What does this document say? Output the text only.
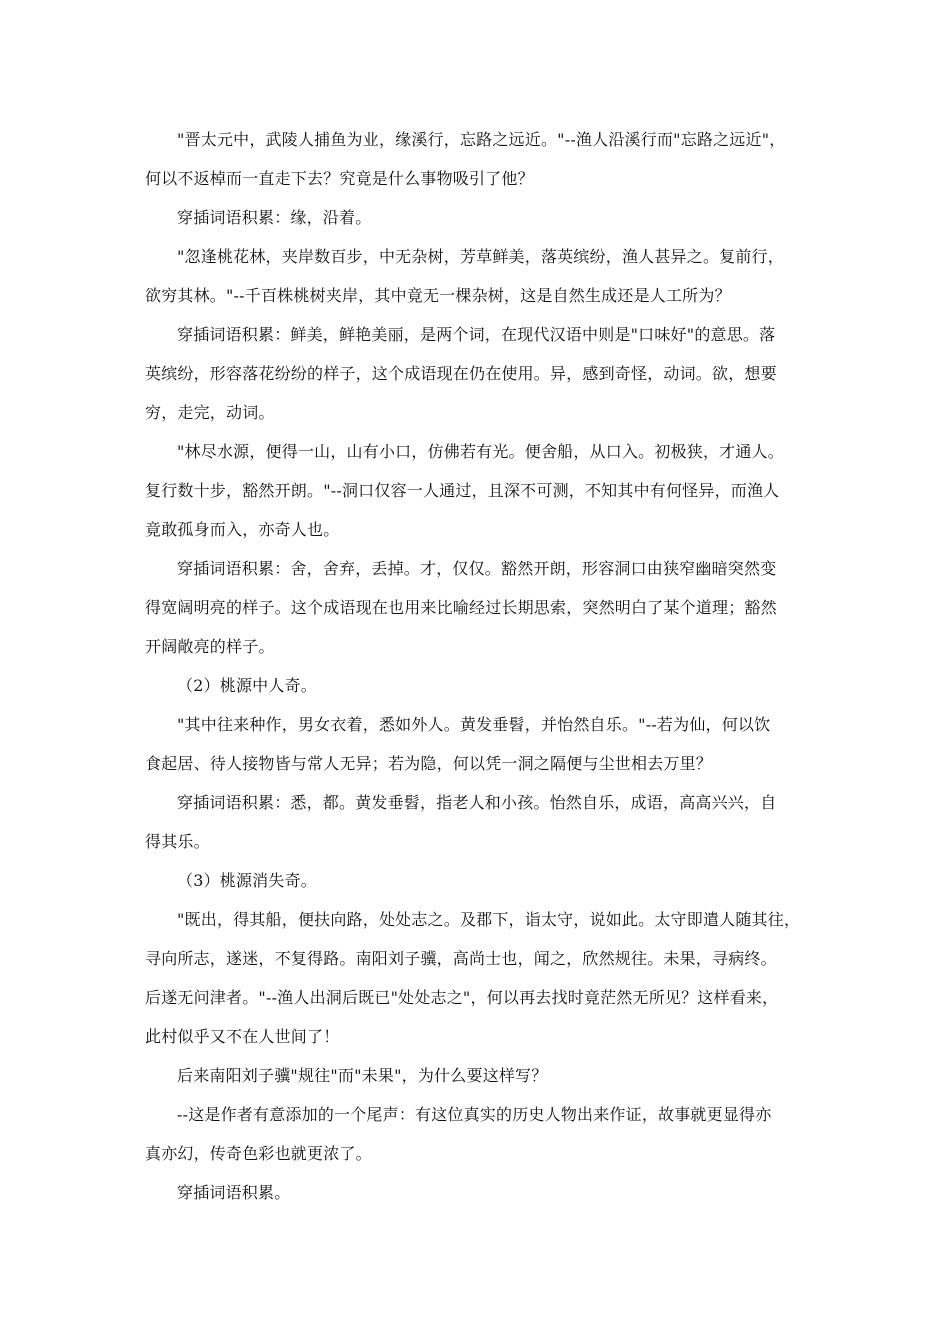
"晋太元中，武陵人捕鱼为业，缘溪行，忘路之远近。"--渔人沿溪行而"忘路之远近"，
何以不返棹而一直走下去？究竟是什么事物吸引了他？

穿插词语积累：缘，沿着。

"忽逢桃花林，夹岸数百步，中无杂树，芳草鲜美，落英缤纷，渔人甚异之。复前行，
欲穷其林。"--千百株桃树夹岸，其中竟无一棵杂树，这是自然生成还是人工所为？

穿插词语积累：鲜美，鲜艳美丽，是两个词，在现代汉语中则是"口味好"的意思。落
英缤纷，形容落花纷纷的样子，这个成语现在仍在使用。异，感到奇怪，动词。欲，想要
穷，走完，动词。

"林尽水源，便得一山，山有小口，仿佛若有光。便舍船，从口入。初极狭，才通人。
复行数十步，豁然开朗。"--洞口仅容一人通过，且深不可测，不知其中有何怪异，而渔人
竟敢孤身而入，亦奇人也。

穿插词语积累：舍，舍弃，丢掉。才，仅仅。豁然开朗，形容洞口由狭窄幽暗突然变
得宽阔明亮的样子。这个成语现在也用来比喻经过长期思索，突然明白了某个道理；豁然
开阔敞亮的样子。

（2）桃源中人奇。

"其中往来种作，男女衣着，悉如外人。黄发垂髫，并怡然自乐。"--若为仙，何以饮
食起居、待人接物皆与常人无异；若为隐，何以凭一洞之隔便与尘世相去万里？

穿插词语积累：悉，都。黄发垂髫，指老人和小孩。怡然自乐，成语，高高兴兴，自
得其乐。

（3）桃源消失奇。

"既出，得其船，便扶向路，处处志之。及郡下，诣太守，说如此。太守即遣人随其往，
寻向所志，遂迷，不复得路。南阳刘子骥，高尚士也，闻之，欣然规往。未果，寻病终。
后遂无问津者。"--渔人出洞后既已"处处志之"，何以再去找时竟茫然无所见？这样看来，
此村似乎又不在人世间了！

后来南阳刘子骥"规往"而"未果"，为什么要这样写？

--这是作者有意添加的一个尾声：有这位真实的历史人物出来作证，故事就更显得亦
真亦幻，传奇色彩也就更浓了。

穿插词语积累。
